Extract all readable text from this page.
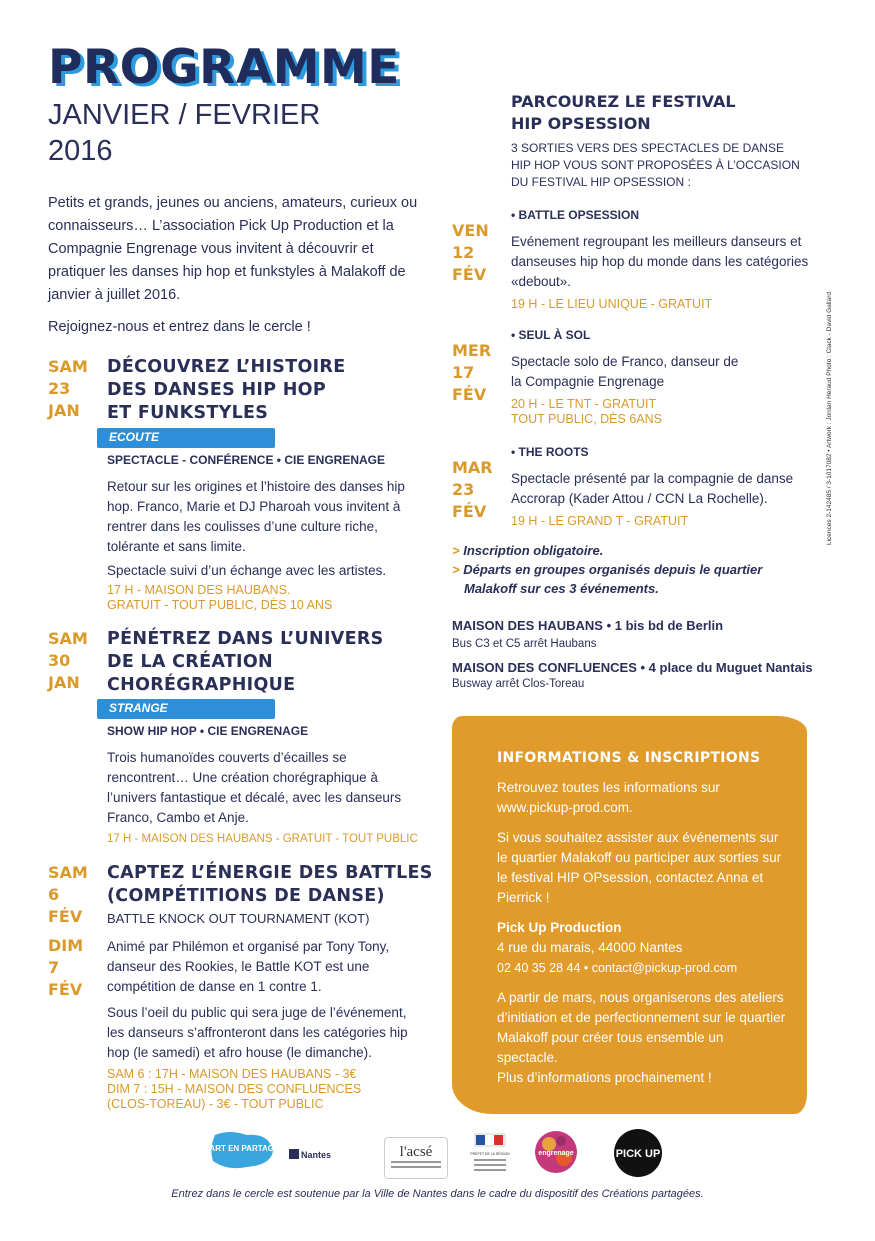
PROGRAMME
JANVIER / FEVRIER
2016

Petits et grands, jeunes ou anciens, amateurs, curieux ou connaisseurs… L’association Pick Up Production et la Compagnie Engrenage vous invitent à découvrir et pratiquer les danses hip hop et funkstyles à Malakoff de janvier à juillet 2016.

Rejoignez-nous et entrez dans le cercle !

SAM
23
JAN
DÉCOUVREZ L’HISTOIRE
DES DANSES HIP HOP
ET FUNKSTYLES
ECOUTE
SPECTACLE - CONFÉRENCE • CIE ENGRENAGE
Retour sur les origines et l’histoire des danses hip hop. Franco, Marie et DJ Pharoah vous invitent à rentrer dans les coulisses d’une culture riche, tolérante et sans limite.
Spectacle suivi d’un échange avec les artistes.
17 H - MAISON DES HAUBANS.
GRATUIT - TOUT PUBLIC, DÈS 10 ANS
SAM
30
JAN
PÉNÉTREZ DANS L’UNIVERS
DE LA CRÉATION
CHORÉGRAPHIQUE
STRANGE
SHOW HIP HOP • CIE ENGRENAGE
Trois humanoïdes couverts d’écailles se rencontrent… Une création chorégraphique à l’univers fantastique et décalé, avec les danseurs Franco, Cambo et Anje.
17 H - MAISON DES HAUBANS - GRATUIT - TOUT PUBLIC
SAM
6
FÉV
DIM
7
FÉV
CAPTEZ L’ÉNERGIE DES BATTLES
(COMPÉTITIONS DE DANSE)
BATTLE KNOCK OUT TOURNAMENT (KOT)
Animé par Philémon et organisé par Tony Tony, danseur des Rookies, le Battle KOT est une compétition de danse en 1 contre 1.
Sous l’oeil du public qui sera juge de l’événement, les danseurs s’affronteront dans les catégories hip hop (le samedi) et afro house (le dimanche).
SAM 6 : 17H - MAISON DES HAUBANS - 3€
DIM 7 : 15H - MAISON DES CONFLUENCES
(CLOS-TOREAU) - 3€ - TOUT PUBLIC
PARCOUREZ LE FESTIVAL
HIP OPSESSION
3 SORTIES VERS DES SPECTACLES DE DANSE HIP HOP VOUS SONT PROPOSÉES À L’OCCASION DU FESTIVAL HIP OPSESSION :
VEN
12
FÉV
• BATTLE OPSESSION
Evénement regroupant les meilleurs danseurs et danseuses hip hop du monde dans les catégories «debout».
19 H - LE LIEU UNIQUE - GRATUIT
MER
17
FÉV
• SEUL À SOL
Spectacle solo de Franco, danseur de la Compagnie Engrenage
20 H - LE TNT - GRATUIT
TOUT PUBLIC, DÈS 6ANS
MAR
23
FÉV
• THE ROOTS
Spectacle présenté par la compagnie de danse Accrorap (Kader Attou / CCN La Rochelle).
19 H - LE GRAND T - GRATUIT
> Inscription obligatoire.
> Départs en groupes organisés depuis le quartier Malakoff sur ces 3 événements.
MAISON DES HAUBANS • 1 bis bd de Berlin
Bus C3 et C5 arrêt Haubans
MAISON DES CONFLUENCES • 4 place du Muguet Nantais
Busway arrêt Clos-Toreau
INFORMATIONS & INSCRIPTIONS

Retrouvez toutes les informations sur www.pickup-prod.com.

Si vous souhaitez assister aux événements sur le quartier Malakoff ou participer aux sorties sur le festival HIP OPsession, contactez Anna et Pierrick !

Pick Up Production
4 rue du marais, 44000 Nantes
02 40 35 28 44 • contact@pickup-prod.com

A partir de mars, nous organiserons des ateliers d’initiation et de perfectionnement sur le quartier Malakoff pour créer tous ensemble un spectacle.

Plus d’informations prochainement !
Licences 2-142485 / 3-1017082 • Artwork : Jordan Heraud Photo : Clack - David Gallard
L'ART EN PARTAGE
Nantes	l'acsé	PRÉFET DE LA RÉGION	engrenage	PICK UP
Entrez dans le cercle est soutenue par la Ville de Nantes dans le cadre du dispositif des Créations partagées.
